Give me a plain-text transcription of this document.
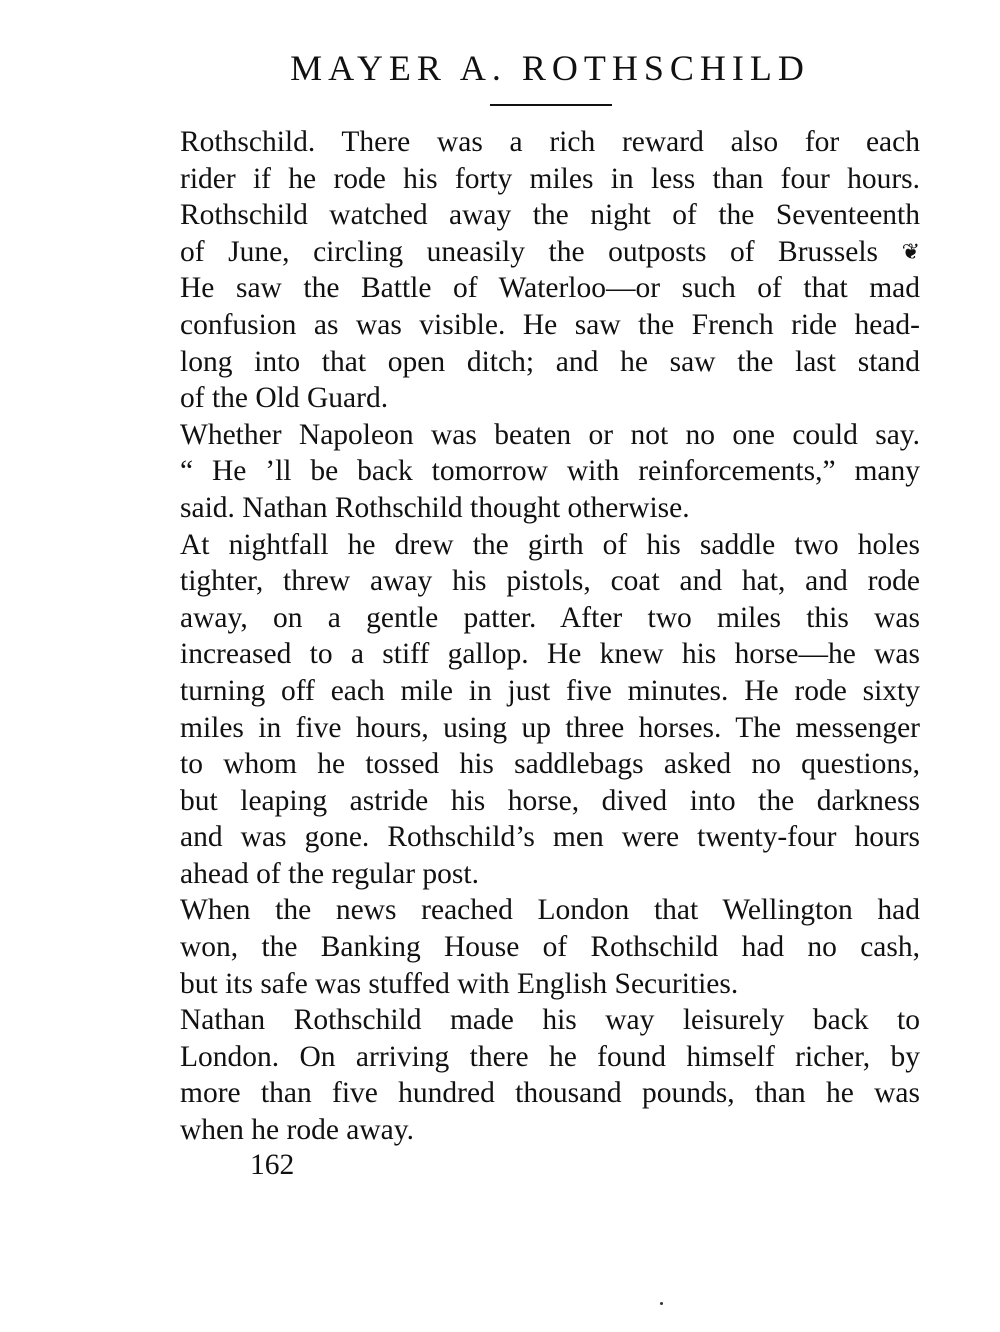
MAYER A. ROTHSCHILD
Rothschild. There was a rich reward also for each
rider if he rode his forty miles in less than four hours.
Rothschild watched away the night of the Seventeenth
of June, circling uneasily the outposts of Brussels ❦
He saw the Battle of Waterloo—or such of that mad
confusion as was visible. He saw the French ride head-
long into that open ditch; and he saw the last stand
of the Old Guard.
Whether Napoleon was beaten or not no one could say.
“ He ’ll be back tomorrow with reinforcements,” many
said. Nathan Rothschild thought otherwise.
At nightfall he drew the girth of his saddle two holes
tighter, threw away his pistols, coat and hat, and rode
away, on a gentle patter. After two miles this was
increased to a stiff gallop. He knew his horse—he was
turning off each mile in just five minutes. He rode sixty
miles in five hours, using up three horses. The messenger
to whom he tossed his saddlebags asked no questions,
but leaping astride his horse, dived into the darkness
and was gone. Rothschild’s men were twenty-four hours
ahead of the regular post.
When the news reached London that Wellington had
won, the Banking House of Rothschild had no cash,
but its safe was stuffed with English Securities.
Nathan Rothschild made his way leisurely back to
London. On arriving there he found himself richer, by
more than five hundred thousand pounds, than he was
when he rode away.

162
